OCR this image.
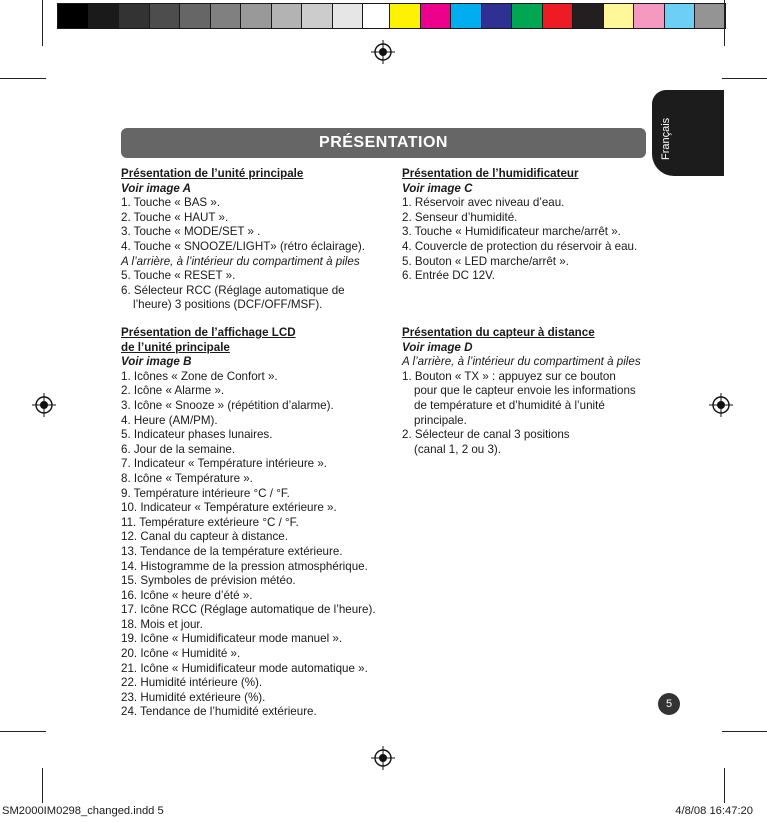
Français
PRÉSENTATION
Présentation de l’unité principale
Voir image A
1. Touche « BAS ».
2. Touche « HAUT ».
3. Touche « MODE/SET » .
4. Touche « SNOOZE/LIGHT» (rétro éclairage).
A l’arrière, à l’intérieur du compartiment à piles
5. Touche « RESET ».
6. Sélecteur RCC (Réglage automatique de
l’heure) 3 positions (DCF/OFF/MSF).
Présentation de l’affichage LCD
de l’unité principale
Voir image B
1. Icônes « Zone de Confort ».
2. Icône « Alarme ».
3. Icône « Snooze » (répétition d’alarme).
4. Heure (AM/PM).
5. Indicateur phases lunaires.
6. Jour de la semaine.
7. Indicateur « Température intérieure ».
8. Icône « Température ».
9. Température intérieure °C / °F.
10. Indicateur « Température extérieure ».
11. Température extérieure °C / °F.
12. Canal du capteur à distance.
13. Tendance de la température extérieure.
14. Histogramme de la pression atmosphérique.
15. Symboles de prévision météo.
16. Icône « heure d’été ».
17. Icône RCC (Réglage automatique de l’heure).
18. Mois et jour.
19. Icône « Humidificateur mode manuel ».
20. Icône « Humidité ».
21. Icône « Humidificateur mode automatique ».
22. Humidité intérieure (%).
23. Humidité extérieure (%).
24. Tendance de l’humidité extérieure.
Présentation de l’humidificateur
Voir image C
1. Réservoir avec niveau d’eau.
2. Senseur d’humidité.
3. Touche « Humidificateur marche/arrêt ».
4. Couvercle de protection du réservoir à eau.
5. Bouton « LED marche/arrêt ».
6. Entrée DC 12V.
Présentation du capteur à distance
Voir image D
A l’arrière, à l’intérieur du compartiment à piles
1. Bouton « TX » : appuyez sur ce bouton
pour que le capteur envoie les informations
de température et d’humidité à l’unité
principale.
2. Sélecteur de canal 3 positions
(canal 1, 2 ou 3).
5
SM2000IM0298_changed.indd 5	4/8/08 16:47:20
